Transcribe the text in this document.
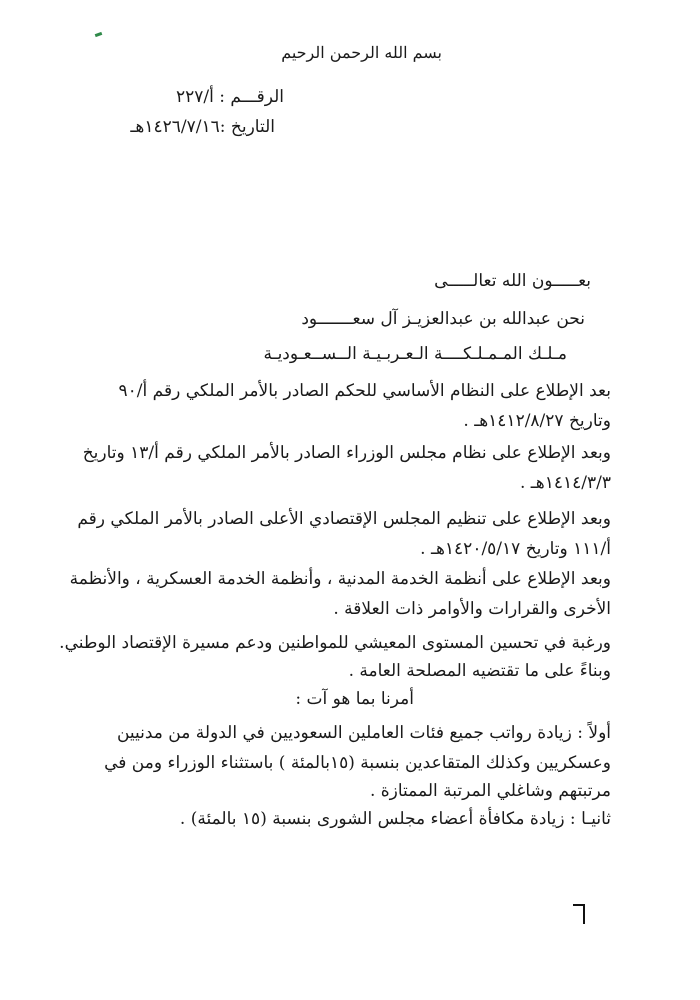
بسم الله الرحمن الرحيم
الرقـــم : أ/٢٢٧
التاريخ :١٤٢٦/٧/١٦هـ
بعـــــون الله تعالـــــى
نحن عبدالله بن عبدالعزيـز آل سعـــــــود
مـلـك المـمـلـكــــة الـعـربـيـة الــســعـوديـة
بعد الإطلاع على النظام الأساسي للحكم الصادر بالأمر الملكي رقم أ/٩٠
وتاريخ ١٤١٢/٨/٢٧هـ .
وبعد الإطلاع على نظام مجلس الوزراء الصادر بالأمر الملكي رقم أ/١٣ وتاريخ
١٤١٤/٣/٣هـ .
وبعد الإطلاع على تنظيم المجلس الإقتصادي الأعلى الصادر بالأمر الملكي رقم
أ/١١١ وتاريخ ١٤٢٠/٥/١٧هـ .
وبعد الإطلاع على أنظمة الخدمة المدنية ، وأنظمة الخدمة العسكرية ، والأنظمة
الأخرى والقرارات والأوامر ذات العلاقة .
ورغبة في تحسين المستوى المعيشي للمواطنين ودعم مسيرة الإقتصاد الوطني.
وبناءً على ما تقتضيه المصلحة العامة .
أمرنا بما هو آت :
أولاً : زيادة رواتب جميع فئات العاملين السعوديين في الدولة من مدنيين
وعسكريين وكذلك المتقاعدين بنسبة (١٥بالمئة ) باستثناء الوزراء ومن في
مرتبتهم وشاغلي المرتبة الممتازة .
ثانيـا : زيادة مكافأة أعضاء مجلس الشورى بنسبة (١٥ بالمئة) .
